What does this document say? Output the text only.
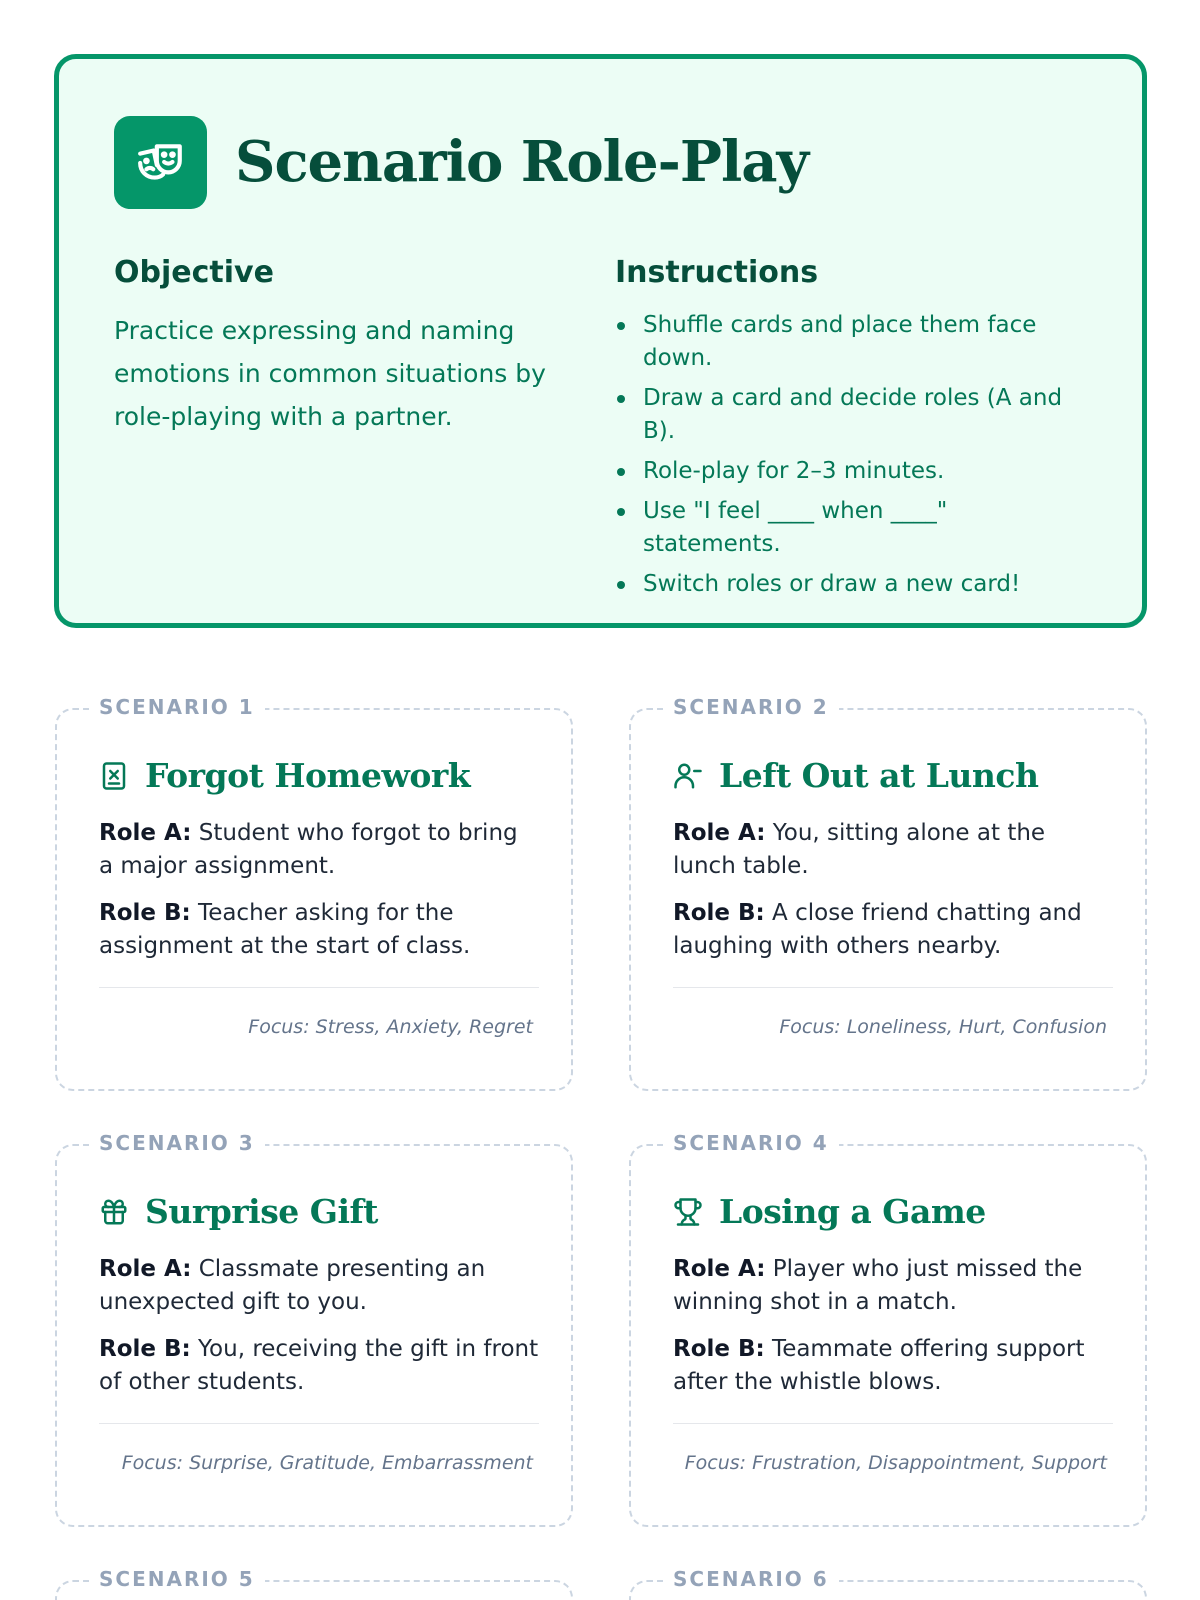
Scenario Role-Play
Objective

Practice expressing and naming emotions in common situations by role-playing with a partner.

Instructions
Shuffle cards and place them face down.
Draw a card and decide roles (A and B).
Role-play for 2–3 minutes.
Use "I feel ____ when ____" statements.
Switch roles or draw a new card!
SCENARIO 1
Forgot Homework
Role A: Student who forgot to bring a major assignment.
Role B: Teacher asking for the assignment at the start of class.
Focus: Stress, Anxiety, Regret
SCENARIO 2
Left Out at Lunch
Role A: You, sitting alone at the lunch table.
Role B: A close friend chatting and laughing with others nearby.
Focus: Loneliness, Hurt, Confusion
SCENARIO 3
Surprise Gift
Role A: Classmate presenting an unexpected gift to you.
Role B: You, receiving the gift in front of other students.
Focus: Surprise, Gratitude, Embarrassment
SCENARIO 4
Losing a Game
Role A: Player who just missed the winning shot in a match.
Role B: Teammate offering support after the whistle blows.
Focus: Frustration, Disappointment, Support
SCENARIO 5	SCENARIO 6
